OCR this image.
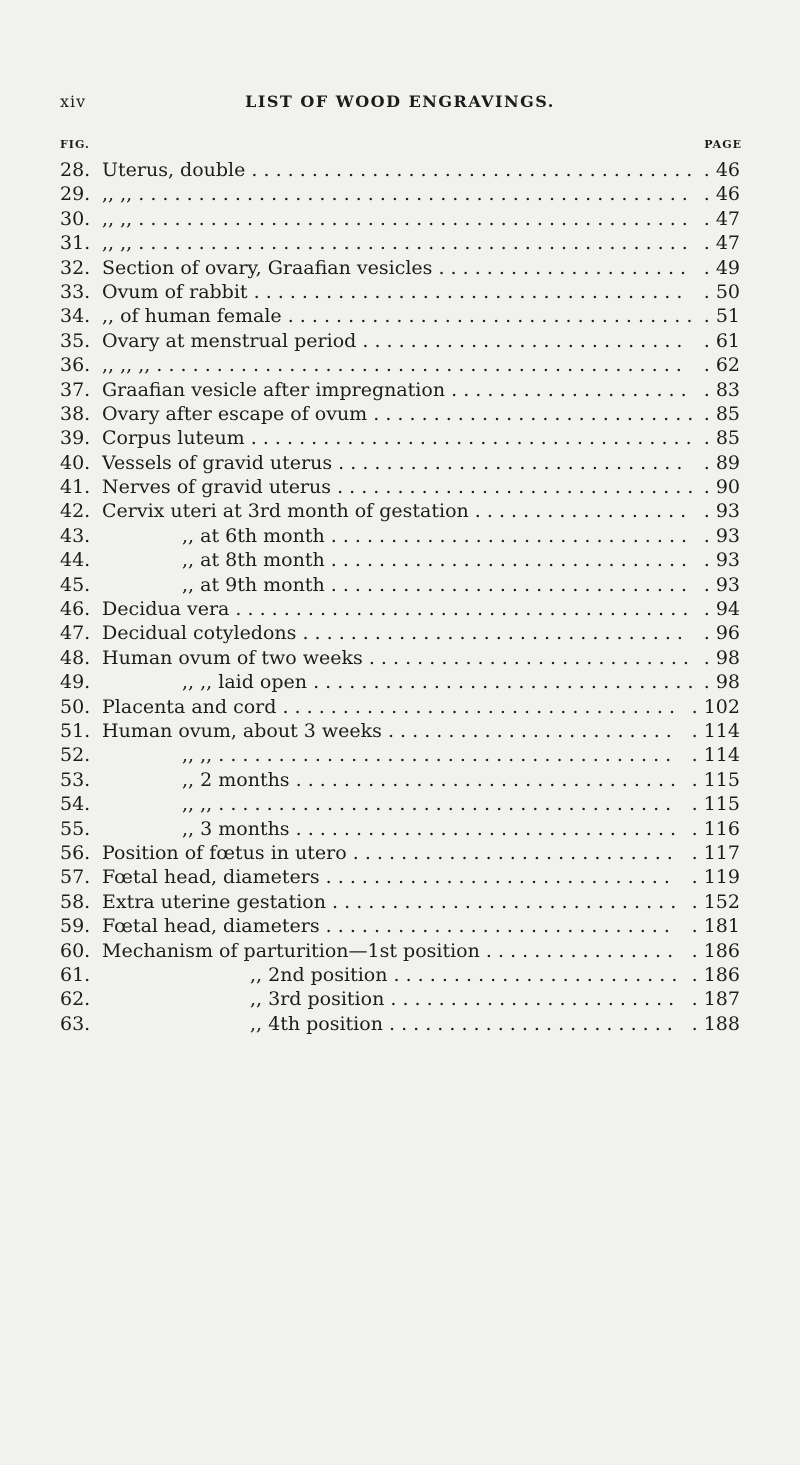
xiv	LIST OF WOOD ENGRAVINGS.
FIG.	PAGE
28. Uterus, double . . . . . . . . . . . . . . . . . . . . . . . . . . . . . . . . . . . . . . 46
29. ,, ,, . . . . . . . . . . . . . . . . . . . . . . . . . . . . . . . . . . . . . . . . . . . . . . . 46
30. ,, ,, . . . . . . . . . . . . . . . . . . . . . . . . . . . . . . . . . . . . . . . . . . . . . . . 47
31. ,, ,, . . . . . . . . . . . . . . . . . . . . . . . . . . . . . . . . . . . . . . . . . . . . . . . 47
32. Section of ovary, Graafian vesicles . . . . . . . . . . . . . . . . . . . . . . 49
33. Ovum of rabbit . . . . . . . . . . . . . . . . . . . . . . . . . . . . . . . . . . . . . 50
34. ,, of human female . . . . . . . . . . . . . . . . . . . . . . . . . . . . . . . . . . . 51
35. Ovary at menstrual period . . . . . . . . . . . . . . . . . . . . . . . . . . . . 61
36. ,, ,, ,, . . . . . . . . . . . . . . . . . . . . . . . . . . . . . . . . . . . . . . . . . . . . . 62
37. Graafian vesicle after impregnation . . . . . . . . . . . . . . . . . . . . . 83
38. Ovary after escape of ovum . . . . . . . . . . . . . . . . . . . . . . . . . . . . 85
39. Corpus luteum . . . . . . . . . . . . . . . . . . . . . . . . . . . . . . . . . . . . . . 85
40. Vessels of gravid uterus . . . . . . . . . . . . . . . . . . . . . . . . . . . . . . 89
41. Nerves of gravid uterus . . . . . . . . . . . . . . . . . . . . . . . . . . . . . . . 90
42. Cervix uteri at 3rd month of gestation . . . . . . . . . . . . . . . . . . . 93
43.	,, at 6th month . . . . . . . . . . . . . . . . . . . . . . . . . . . . . . . 93
44.	,, at 8th month . . . . . . . . . . . . . . . . . . . . . . . . . . . . . . . 93
45.	,, at 9th month . . . . . . . . . . . . . . . . . . . . . . . . . . . . . . . 93
46. Decidua vera . . . . . . . . . . . . . . . . . . . . . . . . . . . . . . . . . . . . . . . 94
47. Decidual cotyledons . . . . . . . . . . . . . . . . . . . . . . . . . . . . . . . . . 96
48. Human ovum of two weeks . . . . . . . . . . . . . . . . . . . . . . . . . . . . 98
49.	,, ,, laid open . . . . . . . . . . . . . . . . . . . . . . . . . . . . . . . . . 98
50. Placenta and cord . . . . . . . . . . . . . . . . . . . . . . . . . . . . . . . . . . 102
51. Human ovum, about 3 weeks . . . . . . . . . . . . . . . . . . . . . . . . . 114
52.	,, ,, . . . . . . . . . . . . . . . . . . . . . . . . . . . . . . . . . . . . . . . 114
53.	,, 2 months . . . . . . . . . . . . . . . . . . . . . . . . . . . . . . . . . 115
54.	,, ,, . . . . . . . . . . . . . . . . . . . . . . . . . . . . . . . . . . . . . . . 115
55.	,, 3 months . . . . . . . . . . . . . . . . . . . . . . . . . . . . . . . . . 116
56. Position of fœtus in utero . . . . . . . . . . . . . . . . . . . . . . . . . . . . 117
57. Fœtal head, diameters . . . . . . . . . . . . . . . . . . . . . . . . . . . . . . 119
58. Extra uterine gestation . . . . . . . . . . . . . . . . . . . . . . . . . . . . . . 152
59. Fœtal head, diameters . . . . . . . . . . . . . . . . . . . . . . . . . . . . . . 181
60. Mechanism of parturition—1st position . . . . . . . . . . . . . . . . . 186
61.	,, 2nd position . . . . . . . . . . . . . . . . . . . . . . . . . 186
62.	,, 3rd position . . . . . . . . . . . . . . . . . . . . . . . . . 187
63.	,, 4th position . . . . . . . . . . . . . . . . . . . . . . . . . 188
